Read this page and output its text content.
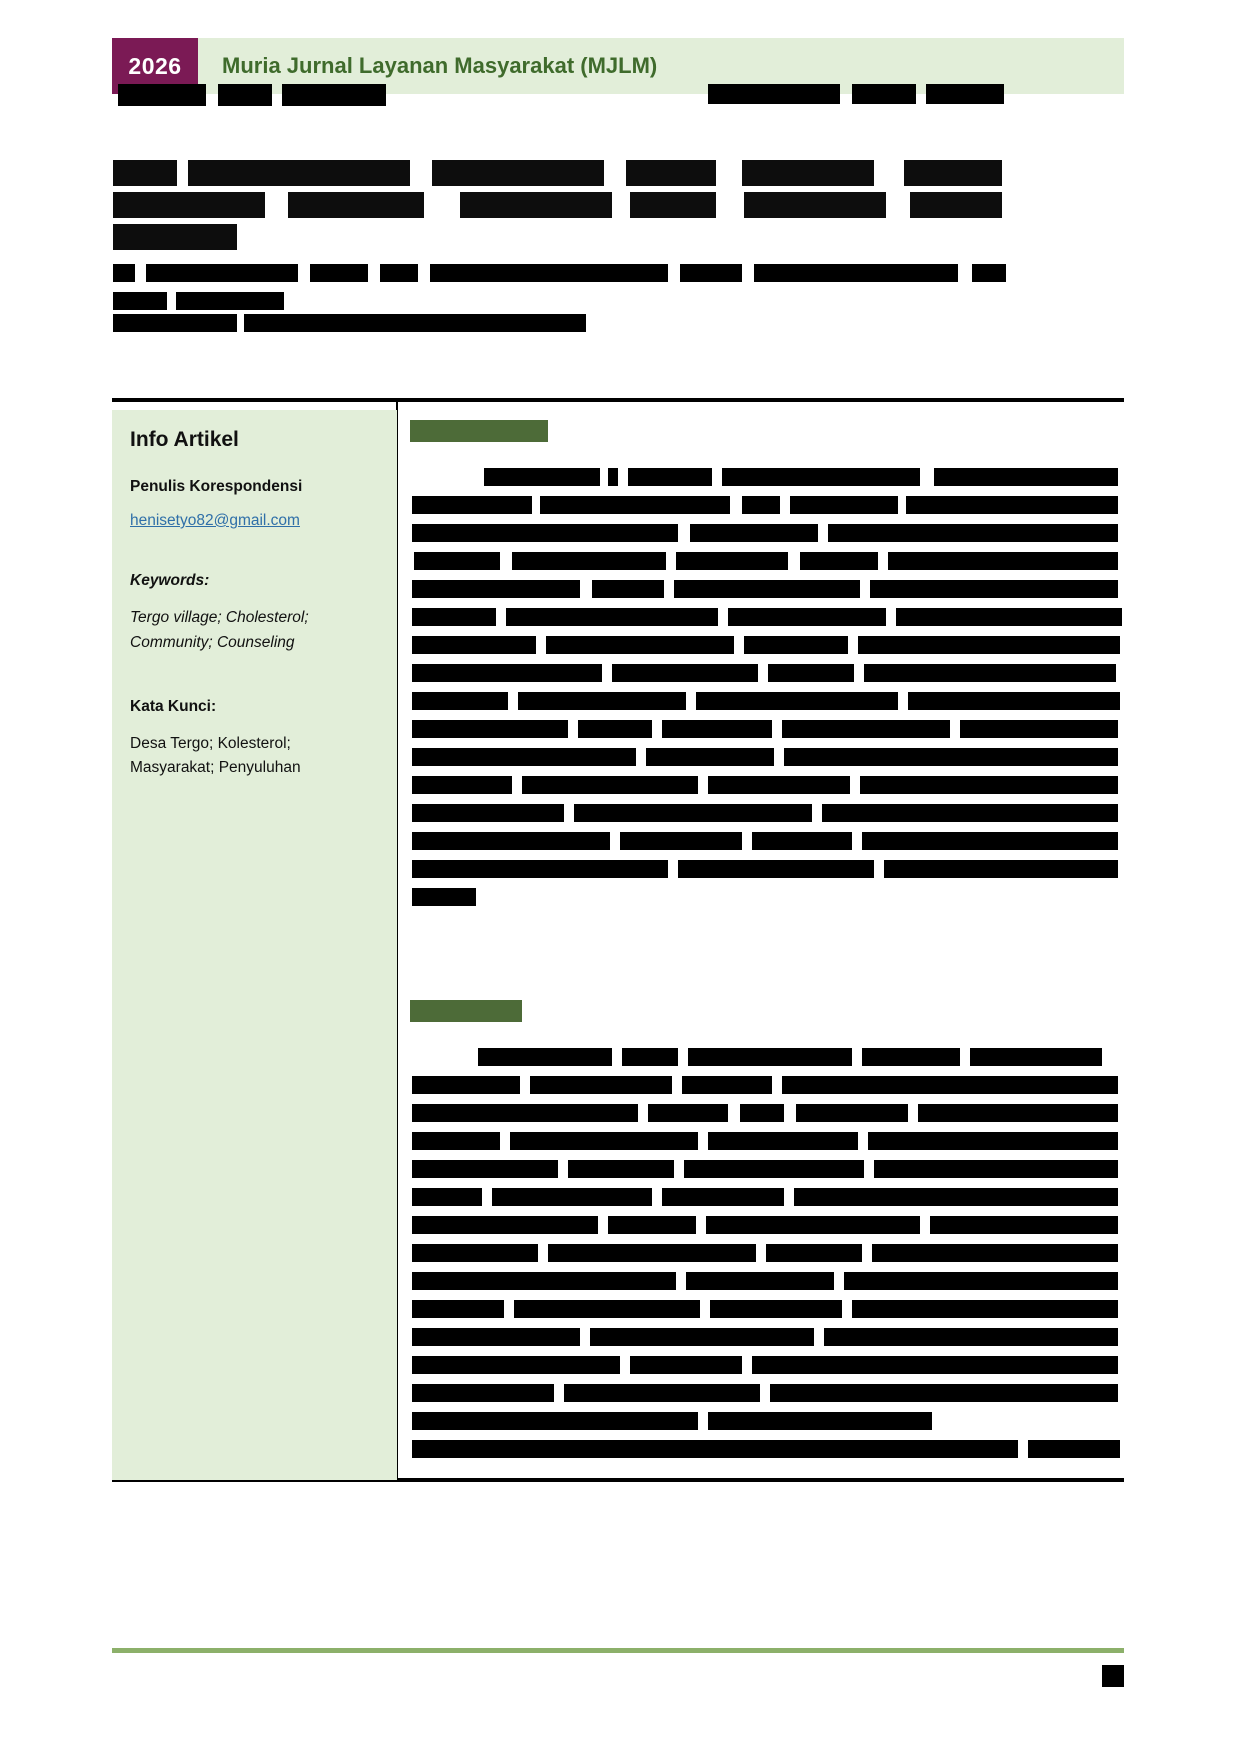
2026	Muria Jurnal Layanan Masyarakat (MJLM)
Info Artikel

Penulis Korespondensi

henisetyo82@gmail.com

Keywords:

Tergo village; Cholesterol; Community; Counseling

Kata Kunci:

Desa Tergo; Kolesterol; Masyarakat; Penyuluhan
